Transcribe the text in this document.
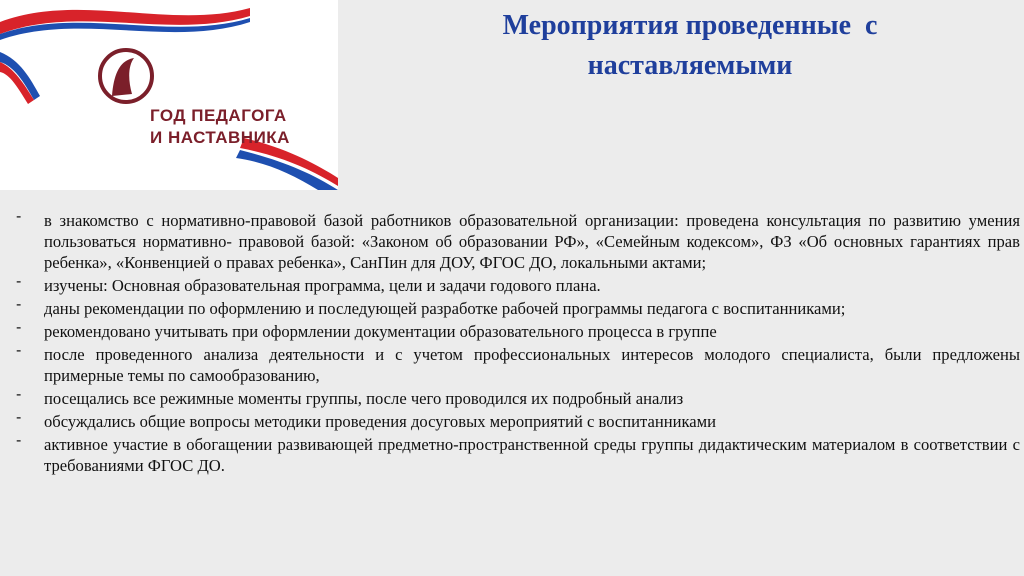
ГОД ПЕДАГОГА
И НАСТАВНИКА
Мероприятия проведенные  с
наставляемыми
- в знакомство с нормативно-правовой базой работников образовательной организации: проведена консультация по развитию умения пользоваться нормативно- правовой базой: «Законом об образовании РФ», «Семейным кодексом», ФЗ «Об основных гарантиях прав ребенка», «Конвенцией о правах ребенка», СанПин для ДОУ, ФГОС ДО, локальными актами;
- изучены: Основная образовательная программа, цели и задачи годового плана.
- даны рекомендации по оформлению и последующей разработке рабочей программы педагога с воспитанниками;
- рекомендовано учитывать при оформлении документации образовательного процесса в группе
- после проведенного анализа деятельности и с учетом профессиональных интересов молодого специалиста, были предложены примерные темы по самообразованию,
- посещались все режимные моменты группы, после чего проводился их подробный анализ
- обсуждались общие вопросы методики проведения досуговых мероприятий с воспитанниками
- активное участие в обогащении развивающей предметно-пространственной среды группы дидактическим материалом в соответствии с требованиями ФГОС ДО.
